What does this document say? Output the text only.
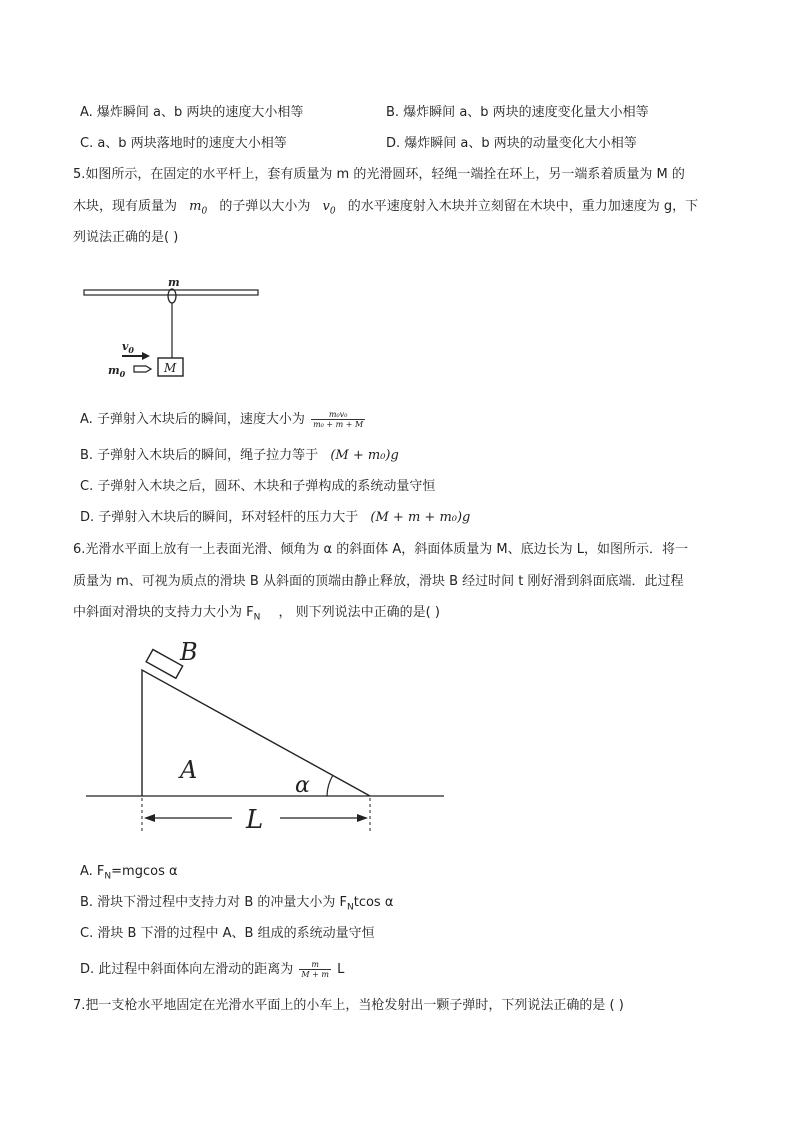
A. 爆炸瞬间 a、b 两块的速度大小相等	B. 爆炸瞬间 a、b 两块的速度变化量大小相等
C. a、b 两块落地时的速度大小相等	D. 爆炸瞬间 a、b 两块的动量变化大小相等
5.如图所示，在固定的水平杆上，套有质量为 m 的光滑圆环，轻绳一端拴在环上，另一端系着质量为 M 的
木块，现有质量为 $m_0$ 的子弹以大小为 $v_0$ 的水平速度射入木块并立刻留在木块中，重力加速度为 g，下
列说法正确的是( )
m
M
$v_0$
$m_0$
A. 子弹射入木块后的瞬间，速度大小为 $\frac{\text{m₀v₀}}{\text{m₀ + m + M}}$
B. 子弹射入木块后的瞬间，绳子拉力等于 (M + m₀)g
C. 子弹射入木块之后，圆环、木块和子弹构成的系统动量守恒
D. 子弹射入木块后的瞬间，环对轻杆的压力大于 (M + m + m₀)g
6.光滑水平面上放有一上表面光滑、倾角为 α 的斜面体 A，斜面体质量为 M、底边长为 L，如图所示．将一
质量为 m、可视为质点的滑块 B 从斜面的顶端由静止释放，滑块 B 经过时间 t 刚好滑到斜面底端．此过程
中斜面对滑块的支持力大小为 $F_N$ ， 则下列说法中正确的是( )
B
A
α
L
A. $F_N=mgcos$ α
B. 滑块下滑过程中支持力对 B 的冲量大小为 $F_Ntcos$ α
C. 滑块 B 下滑的过程中 A、B 组成的系统动量守恒
D. 此过程中斜面体向左滑动的距离为 $\frac{m}{M + m}$ L
7.把一支枪水平地固定在光滑水平面上的小车上，当枪发射出一颗子弹时，下列说法正确的是 ( )
